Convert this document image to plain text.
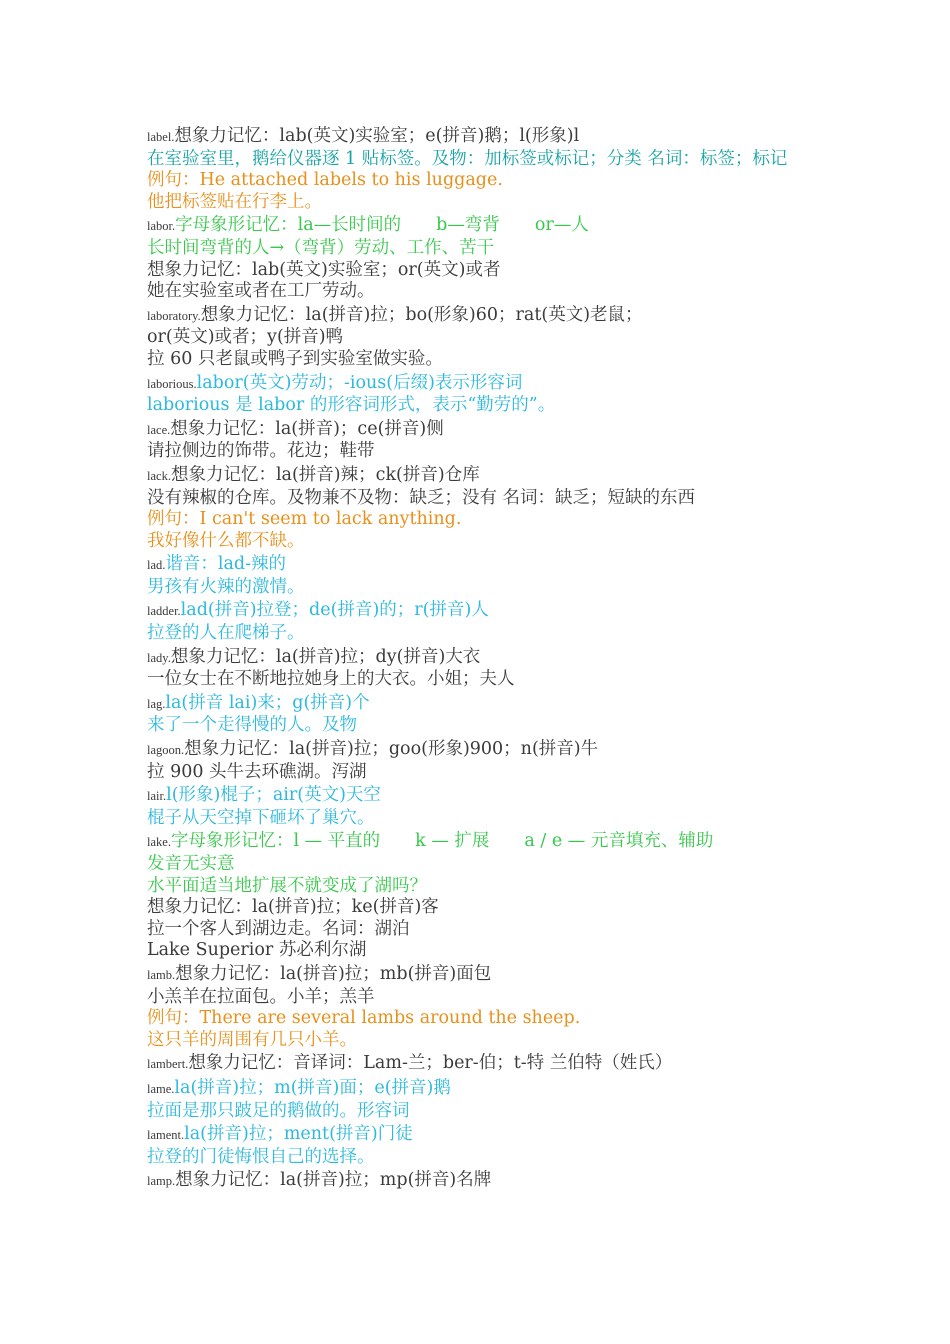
label.想象力记忆：lab(英文)实验室；e(拼音)鹅；l(形象)l
在室验室里，鹅给仪器逐 1 贴标签。及物：加标签或标记；分类 名词：标签；标记
例句：He attached labels to his luggage.
他把标签贴在行李上。
labor.字母象形记忆：la—长时间的　　b—弯背　　or—人
长时间弯背的人→（弯背）劳动、工作、苦干
想象力记忆：lab(英文)实验室；or(英文)或者
她在实验室或者在工厂劳动。
laboratory.想象力记忆：la(拼音)拉；bo(形象)60；rat(英文)老鼠；
or(英文)或者；y(拼音)鸭
拉 60 只老鼠或鸭子到实验室做实验。
laborious.labor(英文)劳动；-ious(后缀)表示形容词
laborious 是 labor 的形容词形式，表示“勤劳的”。
lace.想象力记忆：la(拼音)；ce(拼音)侧
请拉侧边的饰带。花边；鞋带
lack.想象力记忆：la(拼音)辣；ck(拼音)仓库
没有辣椒的仓库。及物兼不及物：缺乏；没有 名词：缺乏；短缺的东西
例句：I can't seem to lack anything.
我好像什么都不缺。
lad.谐音：lad-辣的
男孩有火辣的激情。
ladder.lad(拼音)拉登；de(拼音)的；r(拼音)人
拉登的人在爬梯子。
lady.想象力记忆：la(拼音)拉；dy(拼音)大衣
一位女士在不断地拉她身上的大衣。小姐；夫人
lag.la(拼音 lai)来；g(拼音)个
来了一个走得慢的人。及物
lagoon.想象力记忆：la(拼音)拉；goo(形象)900；n(拼音)牛
拉 900 头牛去环礁湖。泻湖
lair.l(形象)棍子；air(英文)天空
棍子从天空掉下砸坏了巢穴。
lake.字母象形记忆：l — 平直的　　k — 扩展　　a / e — 元音填充、辅助
发音无实意
水平面适当地扩展不就变成了湖吗？
想象力记忆：la(拼音)拉；ke(拼音)客
拉一个客人到湖边走。名词：湖泊
Lake Superior 苏必利尔湖
lamb.想象力记忆：la(拼音)拉；mb(拼音)面包
小羔羊在拉面包。小羊；羔羊
例句：There are several lambs around the sheep.
这只羊的周围有几只小羊。
lambert.想象力记忆：音译词：Lam-兰；ber-伯；t-特 兰伯特（姓氏）
lame.la(拼音)拉；m(拼音)面；e(拼音)鹅
拉面是那只跛足的鹅做的。形容词
lament.la(拼音)拉；ment(拼音)门徒
拉登的门徒悔恨自己的选择。
lamp.想象力记忆：la(拼音)拉；mp(拼音)名牌
